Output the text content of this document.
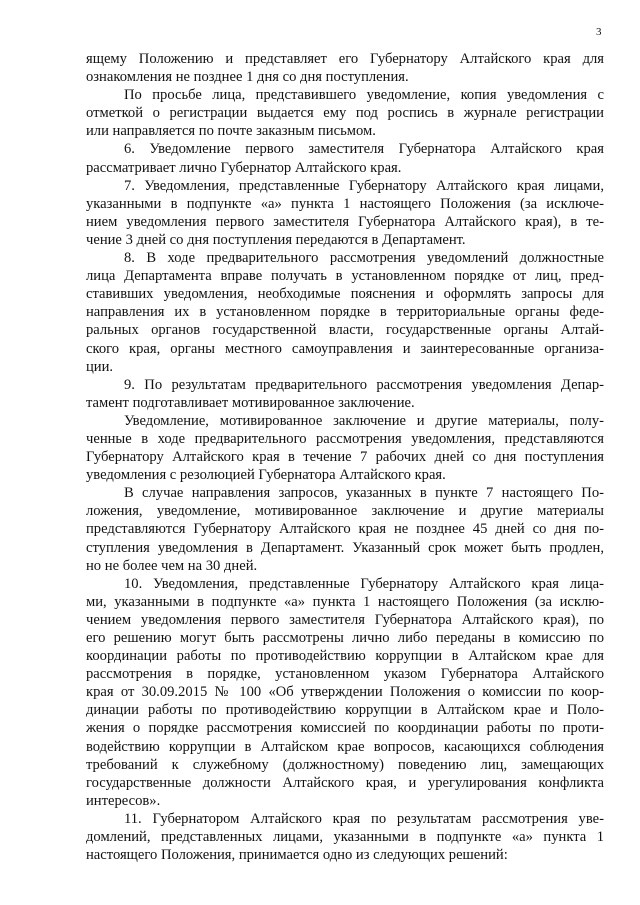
3
ящему Положению и представляет его Губернатору Алтайского края для
ознакомления не позднее 1 дня со дня поступления.
По просьбе лица, представившего уведомление, копия уведомления с
отметкой о регистрации выдается ему под роспись в журнале регистрации
или направляется по почте заказным письмом.
6. Уведомление первого заместителя Губернатора Алтайского края
рассматривает лично Губернатор Алтайского края.
7. Уведомления, представленные Губернатору Алтайского края лицами,
указанными в подпункте «а» пункта 1 настоящего Положения (за исключе-
нием уведомления первого заместителя Губернатора Алтайского края), в те-
чение 3 дней со дня поступления передаются в Департамент.
8. В ходе предварительного рассмотрения уведомлений должностные
лица Департамента вправе получать в установленном порядке от лиц, пред-
ставивших уведомления, необходимые пояснения и оформлять запросы для
направления их в установленном порядке в территориальные органы феде-
ральных органов государственной власти, государственные органы Алтай-
ского края, органы местного самоуправления и заинтересованные организа-
ции.
9. По результатам предварительного рассмотрения уведомления Депар-
тамент подготавливает мотивированное заключение.
Уведомление, мотивированное заключение и другие материалы, полу-
ченные в ходе предварительного рассмотрения уведомления, представляются
Губернатору Алтайского края в течение 7 рабочих дней со дня поступления
уведомления с резолюцией Губернатора Алтайского края.
В случае направления запросов, указанных в пункте 7 настоящего По-
ложения, уведомление, мотивированное заключение и другие материалы
представляются Губернатору Алтайского края не позднее 45 дней со дня по-
ступления уведомления в Департамент. Указанный срок может быть продлен,
но не более чем на 30 дней.
10. Уведомления, представленные Губернатору Алтайского края лица-
ми, указанными в подпункте «а» пункта 1 настоящего Положения (за исклю-
чением уведомления первого заместителя Губернатора Алтайского края), по
его решению могут быть рассмотрены лично либо переданы в комиссию по
координации работы по противодействию коррупции в Алтайском крае для
рассмотрения в порядке, установленном указом Губернатора Алтайского
края от 30.09.2015 № 100 «Об утверждении Положения о комиссии по коор-
динации работы по противодействию коррупции в Алтайском крае и Поло-
жения о порядке рассмотрения комиссией по координации работы по проти-
водействию коррупции в Алтайском крае вопросов, касающихся соблюдения
требований к служебному (должностному) поведению лиц, замещающих
государственные должности Алтайского края, и урегулирования конфликта
интересов».
11. Губернатором Алтайского края по результатам рассмотрения уве-
домлений, представленных лицами, указанными в подпункте «а» пункта 1
настоящего Положения, принимается одно из следующих решений:
